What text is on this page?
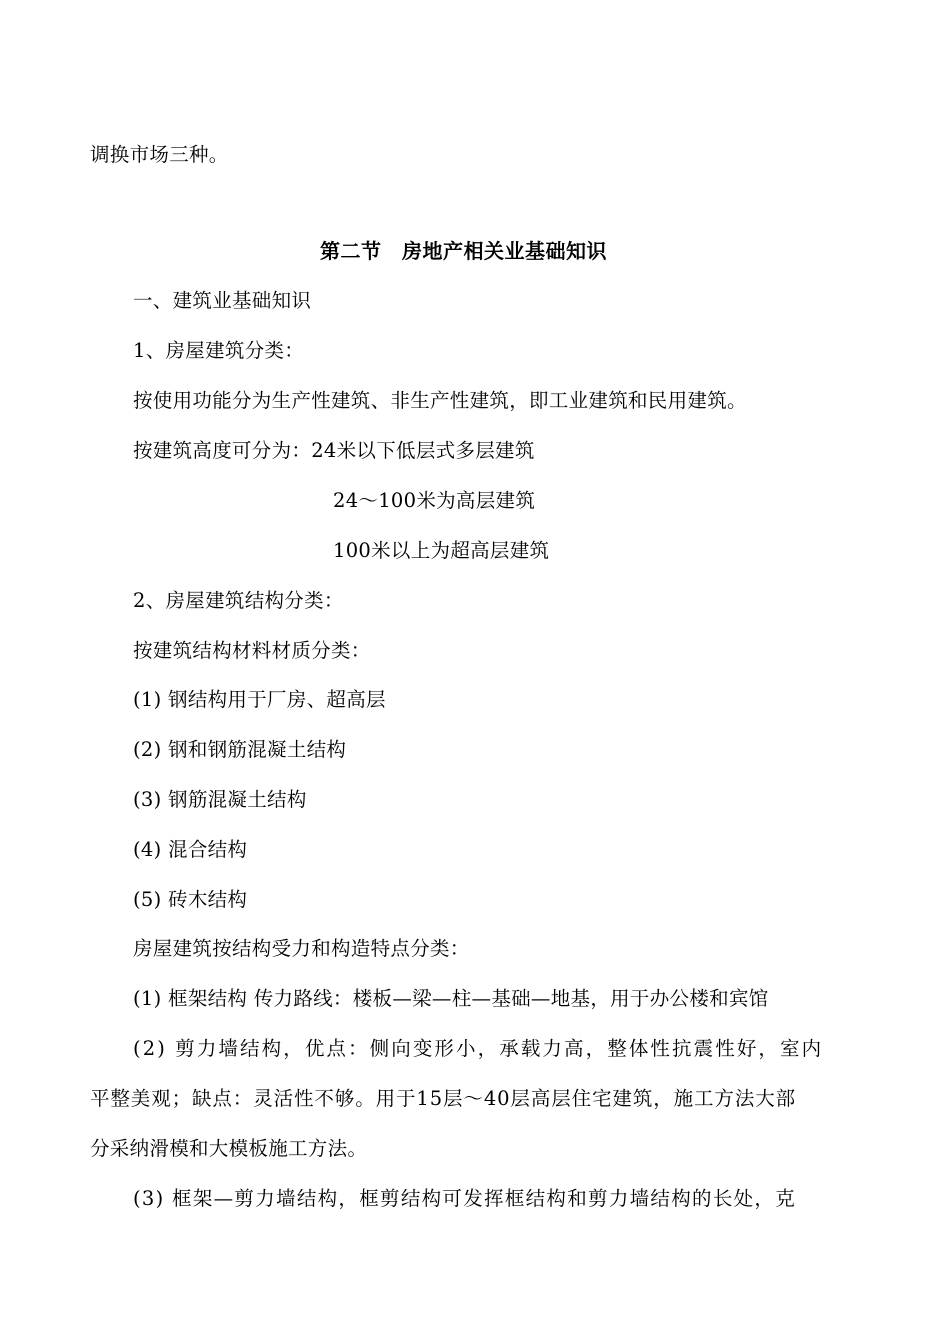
调换市场三种。
第二节　房地产相关业基础知识
一、建筑业基础知识
1、房屋建筑分类：
按使用功能分为生产性建筑、非生产性建筑，即工业建筑和民用建筑。
按建筑高度可分为：24米以下低层式多层建筑
24～100米为高层建筑
100米以上为超高层建筑
2、房屋建筑结构分类：
按建筑结构材料材质分类：
(1) 钢结构用于厂房、超高层
(2) 钢和钢筋混凝土结构
(3) 钢筋混凝土结构
(4) 混合结构
(5) 砖木结构
房屋建筑按结构受力和构造特点分类：
(1) 框架结构 传力路线：楼板—梁—柱—基础—地基，用于办公楼和宾馆
(2) 剪力墙结构，优点：侧向变形小，承载力高，整体性抗震性好，室内
平整美观；缺点：灵活性不够。用于15层～40层高层住宅建筑，施工方法大部
分采纳滑模和大模板施工方法。
(3) 框架—剪力墙结构，框剪结构可发挥框结构和剪力墙结构的长处，克
